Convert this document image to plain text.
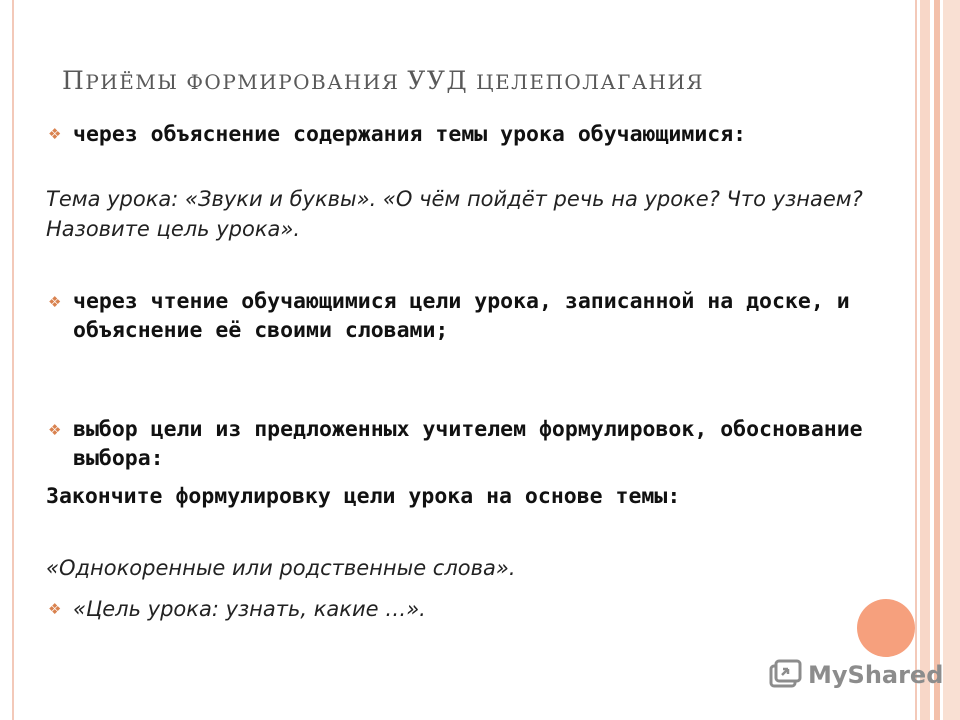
ПРИЁМЫ ФОРМИРОВАНИЯ УУД ЦЕЛЕПОЛАГАНИЯ
❖ через объяснение содержания темы урока обучающимися:
Тема урока: «Звуки и буквы». «О чём пойдёт речь на уроке? Что узнаем? Назовите цель урока».
❖ через чтение обучающимися цели урока, записанной на доске, и объяснение её своими словами;
❖ выбор цели из предложенных учителем формулировок, обоснование выбора:
Закончите формулировку цели урока на основе темы:
«Однокоренные или родственные слова».
❖ «Цель урока: узнать, какие …».
MyShared
